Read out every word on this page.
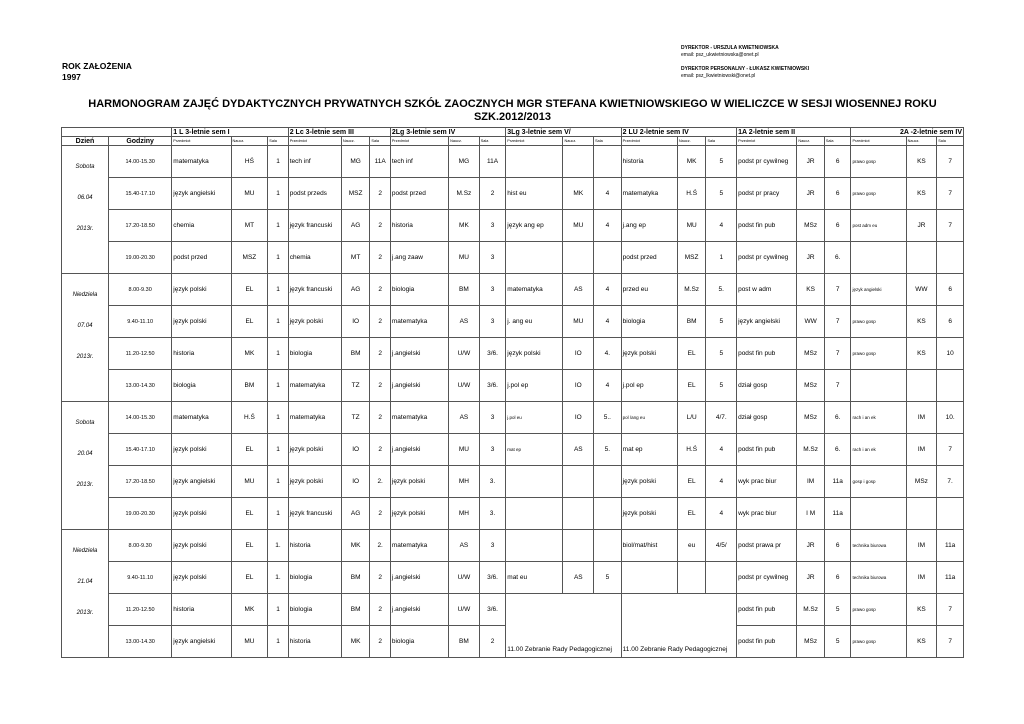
ROK ZAŁOŻENIA
1997
DYREKTOR - URSZULA KWIETNIOWSKA
email: psz_ukwietniowska@onet.pl
DYREKTOR PERSONALNY - ŁUKASZ KWIETNIOWSKI
email: psz_lkwietniowski@onet.pl
HARMONOGRAM ZAJĘĆ DYDAKTYCZNYCH PRYWATNYCH SZKÓŁ ZAOCZNYCH MGR STEFANA KWIETNIOWSKIEGO W WIELICZCE W SESJI WIOSENNEJ ROKU
SZK.2012/2013
		1 L 3-letnie sem I			2 Lc 3-letnie sem III			2Lg 3-letnie sem IV			3Lg 3-letnie sem V/			2 LU 2-letnie sem IV			1A 2-letnie sem II			2A -2-letnie sem IV		
Dzień	Godziny	Przedmiot	Naucz.	Sala	Przedmiot	Naucz.	Sala	Przedmiot	Naucz.	Sala	Przedmiot	Naucz.	Sala	Przedmiot	Naucz.	Sala	Przedmiot	Naucz.	Sala	Przedmiot	Naucz.	Sala

Sobota
06.04
2013r.	14.00-15.30	matematyka	HŚ	1	tech inf	MG	11A	tech inf	MG	11A				historia	MK	5	podst pr cywilneg	JR	6	prawo gosp	KS	7
	15.40-17.10	język angielski	MU	1	podst przeds	MSZ	2	podst przed	M.Sz	2	hist eu	MK	4	matematyka	H.Ś	5	podst pr pracy	JR	6	prawo gosp	KS	7
	17.20-18.50	chemia	MT	1	język francuski	AG	2	historia	MK	3	język ang ep	MU	4	j.ang ep	MU	4	podst fin pub	MSz	6	post adm eu	JR	7
	19.00-20.30	podst przed	MSZ	1	chemia	MT	2	j.ang zaaw	MU	3				podst przed	MSZ	1	podst pr cywilneg	JR	6.			

Niedziela
07.04
2013r.	8.00-9.30	język polski	EL	1	język francuski	AG	2	biologia	BM	3	matematyka	AS	4	przed eu	M.Sz	5.	post w adm	KS	7	język angielski	WW	6
	9.40-11.10	język polski	EL	1	język polski	IO	2	matematyka	AS	3	j. ang eu	MU	4	biologia	BM	5	język angielski	WW	7	prawo gosp	KS	6
	11.20-12.50	historia	MK	1	biologia	BM	2	j.angielski	U/W	3/6.	język polski	IO	4.	język polski	EL	5	podst fin pub	MSz	7	prawo gosp	KS	10
	13.00-14.30	biologia	BM	1	matematyka	TZ	2	j.angielski	U/W	3/6.	j.pol ep	IO	4	j.pol ep	EL	5	dział gosp	MSz	7			

Sobota
20.04
2013r.	14.00-15.30	matematyka	H.Ś	1	matematyka	TZ	2	matematyka	AS	3	j.pol eu	IO	5..	pol /ang eu	L/U	4/7.	dział gosp	MSz	6.	rach i an ek	IM	10.
	15.40-17.10	język polski	EL	1	język polski	IO	2	j.angielski	MU	3	mat ep	AS	5.	mat ep	H.Ś	4	podst fin pub	M.Sz	6.	rach i an ek	IM	7
	17.20-18.50	język angielski	MU	1	język polski	IO	2.	język polski	MH	3.				język polski	EL	4	wyk prac biur	IM	11a	gosp i gosp	MSz	7.
	19.00-20.30	język polski	EL	1	język francuski	AG	2	język polski	MH	3.				język polski	EL	4	wyk prac biur	I M	11a			

Niedziela
21.04
2013r.	8.00-9.30	język polski	EL	1.	historia	MK	2.	matematyka	AS	3				biol/mat/hist	eu	4/5/	podst prawa pr	JR	6	technika biurowa	IM	11a
	9.40-11.10	język polski	EL	1.	biologia	BM	2	j.angielski	U/W	3/6.	mat eu	AS	5				podst pr cywilneg	JR	6	technika biurowa	IM	11a
	11.20-12.50	historia	MK	1	biologia	BM	2	j.angielski	U/W	3/6.	11.00 Zebranie Rady Pedagogicznej			11.00 Zebranie Rady Pedagogicznej			podst fin pub	M.Sz	5	prawo gosp	KS	7
	13.00-14.30	język angielski	MU	1	historia	MK	2	biologia	BM	2							podst fin pub	MSz	5	prawo gosp	KS	7
